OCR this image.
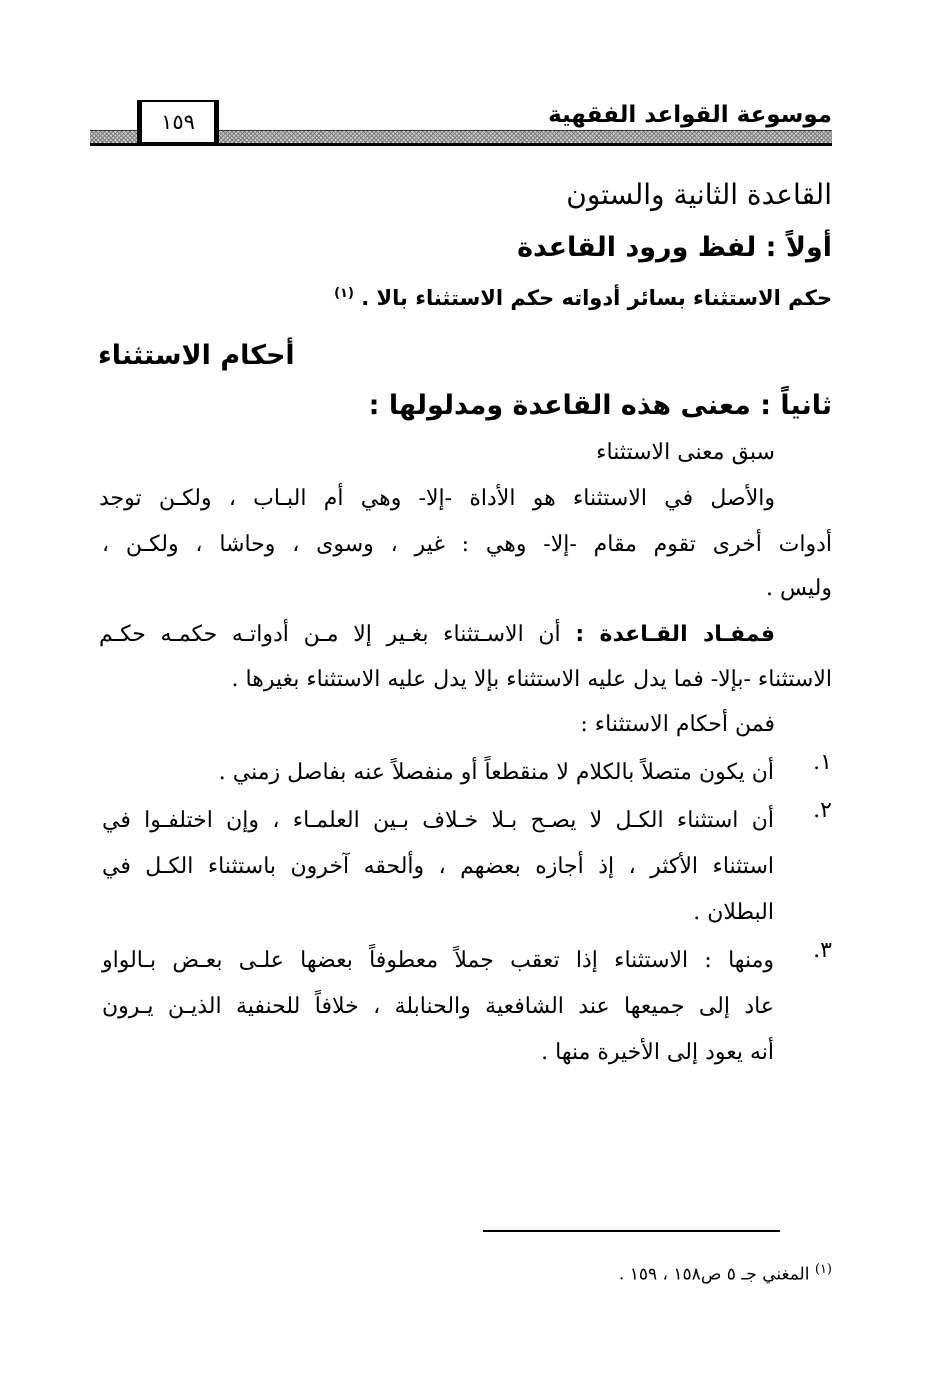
موسوعة القواعد الفقهية
١٥٩
القاعدة الثانية والستون
أولاً : لفظ ورود القاعدة
حكم الاستثناء بسائر أدواته حكم الاستثناء بالا . $^{(١)}$
أحكام الاستثناء
ثانياً : معنى هذه القاعدة ومدلولها :
سبق معنى الاستثناء
والأصل في الاستثناء هو الأداة -إلا- وهي أم البـاب ، ولكـن توجد
أدوات أخرى تقوم مقام -إلا- وهي : غير ، وسوى ، وحاشا ، ولكـن ،
وليس .
فمفـاد القـاعدة : أن الاسـتثناء بغـير إلا مـن أدواتـه حكمـه حكـم
الاستثناء -بإلا- فما يدل عليه الاستثناء بإلا يدل عليه الاستثناء بغيرها .
فمن أحكام الاستثناء :
١.
أن يكون متصلاً بالكلام لا منقطعاً أو منفصلاً عنه بفاصل زمني .
٢.
أن استثناء الكـل لا يصـح بـلا خـلاف بـين العلمـاء ، وإن اختلفـوا في
استثناء الأكثر ، إذ أجازه بعضهم ، وألحقه آخرون باستثناء الكـل في
البطلان .
٣.
ومنها : الاستثناء إذا تعقب جملاً معطوفاً بعضها علـى بعـض بـالواو
عاد إلى جميعها عند الشافعية والحنابلة ، خلافاً للحنفية الذيـن يـرون
أنه يعود إلى الأخيرة منها .
$^{(١)}$ المغني جـ ٥ ص١٥٨ ، ١٥٩ .
